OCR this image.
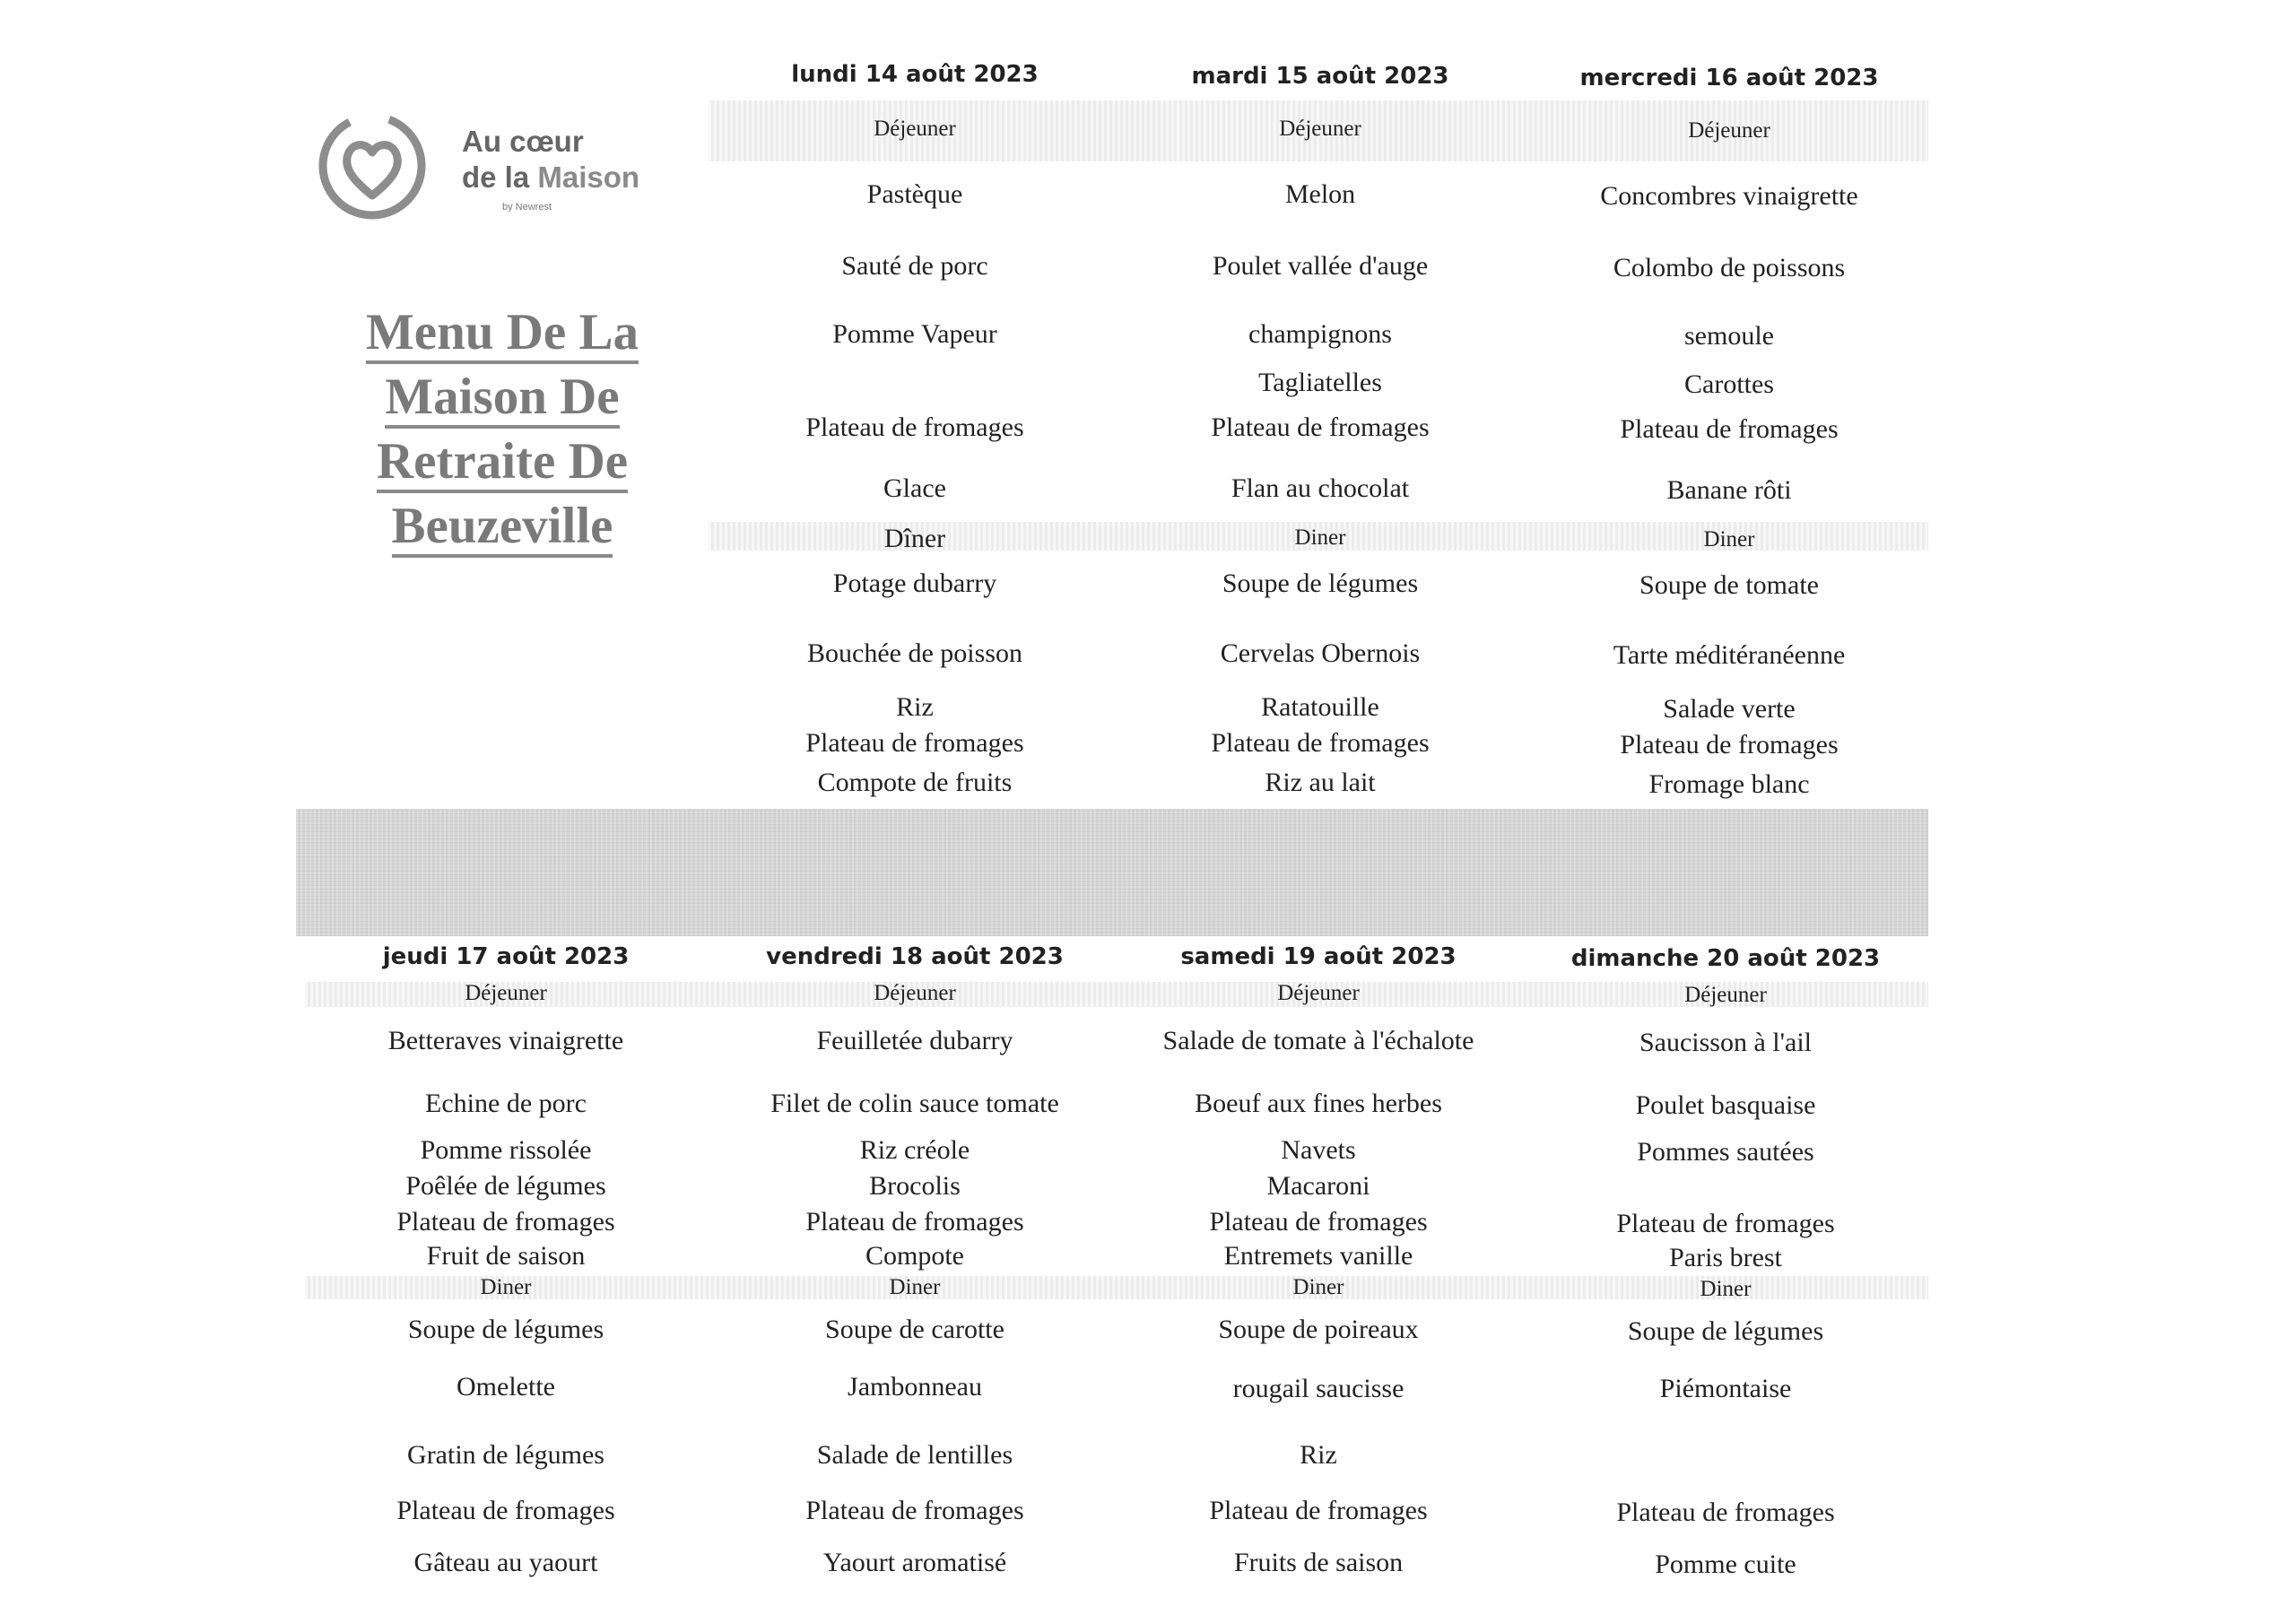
Au cœur
de la Maison
by Newrest
Menu De La
Maison De
Retraite De
Beuzeville
lundi 14 août 2023
Déjeuner
Pastèque
Sauté de porc
Pomme Vapeur
Plateau de fromages
Glace
Dîner
Potage dubarry
Bouchée de poisson
Riz
Plateau de fromages
Compote de fruits
mardi 15 août 2023
Déjeuner
Melon
Poulet vallée d'auge
champignons
Tagliatelles
Plateau de fromages
Flan au chocolat
Diner
Soupe de légumes
Cervelas Obernois
Ratatouille
Plateau de fromages
Riz au lait
mercredi 16 août 2023
Déjeuner
Concombres vinaigrette
Colombo de poissons
semoule
Carottes
Plateau de fromages
Banane rôti
Diner
Soupe de tomate
Tarte méditéranéenne
Salade verte
Plateau de fromages
Fromage blanc
jeudi 17 août 2023
Déjeuner
Betteraves vinaigrette
Echine de porc
Pomme rissolée
Poêlée de légumes
Plateau de fromages
Fruit de saison
Diner
Soupe de légumes
Omelette
Gratin de légumes
Plateau de fromages
Gâteau au yaourt
vendredi 18 août 2023
Déjeuner
Feuilletée dubarry
Filet de colin sauce tomate
Riz créole
Brocolis
Plateau de fromages
Compote
Diner
Soupe de carotte
Jambonneau
Salade de lentilles
Plateau de fromages
Yaourt aromatisé
samedi 19 août 2023
Déjeuner
Salade de tomate à l'échalote
Boeuf aux fines herbes
Navets
Macaroni
Plateau de fromages
Entremets vanille
Diner
Soupe de poireaux
rougail saucisse
Riz
Plateau de fromages
Fruits de saison
dimanche 20 août 2023
Déjeuner
Saucisson à l'ail
Poulet basquaise
Pommes sautées
Plateau de fromages
Paris brest
Diner
Soupe de légumes
Piémontaise
Plateau de fromages
Pomme cuite
